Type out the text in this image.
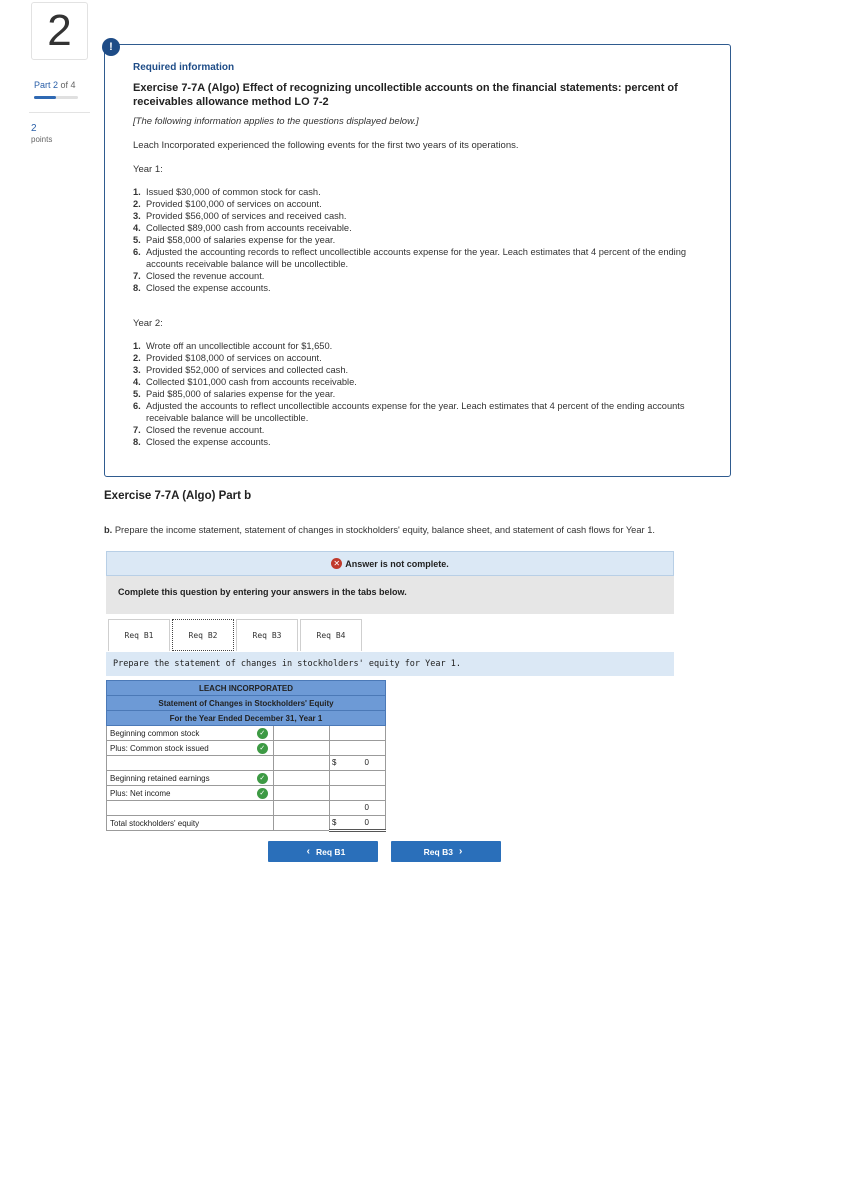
2
Part 2 of 4
2
points
!
Required information
Exercise 7-7A (Algo) Effect of recognizing uncollectible accounts on the financial statements: percent of receivables allowance method LO 7-2
[The following information applies to the questions displayed below.]
Leach Incorporated experienced the following events for the first two years of its operations.
Year 1:
1. Issued $30,000 of common stock for cash.
2. Provided $100,000 of services on account.
3. Provided $56,000 of services and received cash.
4. Collected $89,000 cash from accounts receivable.
5. Paid $58,000 of salaries expense for the year.
6. Adjusted the accounting records to reflect uncollectible accounts expense for the year. Leach estimates that 4 percent of the ending accounts receivable balance will be uncollectible.
7. Closed the revenue account.
8. Closed the expense accounts.
Year 2:
1. Wrote off an uncollectible account for $1,650.
2. Provided $108,000 of services on account.
3. Provided $52,000 of services and collected cash.
4. Collected $101,000 cash from accounts receivable.
5. Paid $85,000 of salaries expense for the year.
6. Adjusted the accounts to reflect uncollectible accounts expense for the year. Leach estimates that 4 percent of the ending accounts receivable balance will be uncollectible.
7. Closed the revenue account.
8. Closed the expense accounts.
Exercise 7-7A (Algo) Part b
b. Prepare the income statement, statement of changes in stockholders' equity, balance sheet, and statement of cash flows for Year 1.
✕ Answer is not complete.
Complete this question by entering your answers in the tabs below.
Req B1	Req B2	Req B3	Req B4
Prepare the statement of changes in stockholders' equity for Year 1.
LEACH INCORPORATED			
Statement of Changes in Stockholders' Equity			
For the Year Ended December 31, Year 1			
Beginning common stock	✓		
Plus: Common stock issued	✓		

			$ 0

Beginning retained earnings	✓		
Plus: Net income	✓		

			0

Total stockholders' equity			$ 0
‹ Req B1	Req B3 ›
